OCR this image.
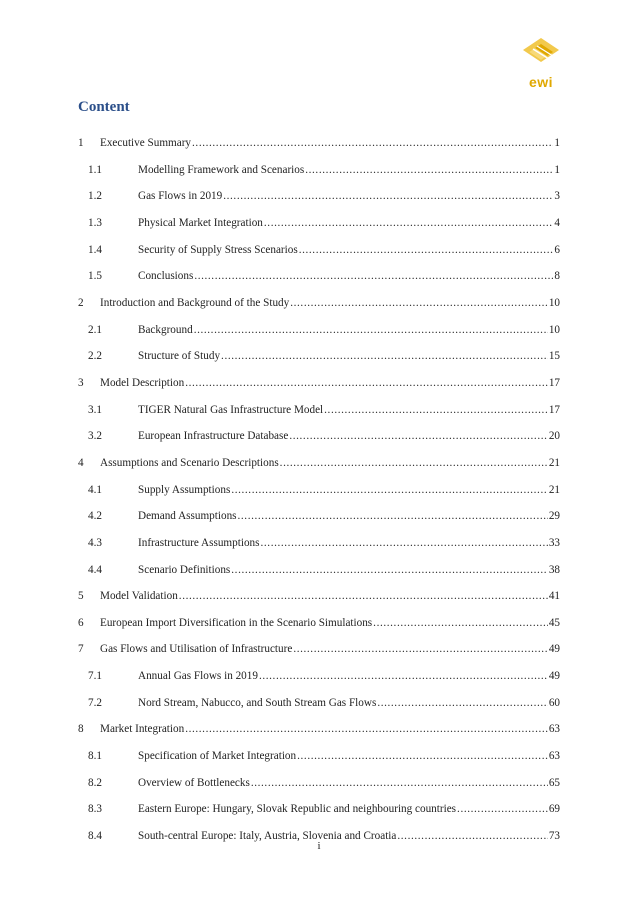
ewi
Content
1	Executive Summary .....	1
1.1	Modelling Framework and Scenarios .....	1
1.2	Gas Flows in 2019 .....	3
1.3	Physical Market Integration .....	4
1.4	Security of Supply Stress Scenarios .....	6
1.5	Conclusions .....	8
2	Introduction and Background of the Study .....	10
2.1	Background .....	10
2.2	Structure of Study .....	15
3	Model Description .....	17
3.1	TIGER Natural Gas Infrastructure Model .....	17
3.2	European Infrastructure Database .....	20
4	Assumptions and Scenario Descriptions .....	21
4.1	Supply Assumptions .....	21
4.2	Demand Assumptions .....	29
4.3	Infrastructure Assumptions .....	33
4.4	Scenario Definitions .....	38
5	Model Validation .....	41
6	European Import Diversification in the Scenario Simulations .....	45
7	Gas Flows and Utilisation of Infrastructure .....	49
7.1	Annual Gas Flows in 2019 .....	49
7.2	Nord Stream, Nabucco, and South Stream Gas Flows .....	60
8	Market Integration .....	63
8.1	Specification of Market Integration .....	63
8.2	Overview of Bottlenecks .....	65
8.3	Eastern Europe: Hungary, Slovak Republic and neighbouring countries .....	69
8.4	South-central Europe: Italy, Austria, Slovenia and Croatia .....	73
i
